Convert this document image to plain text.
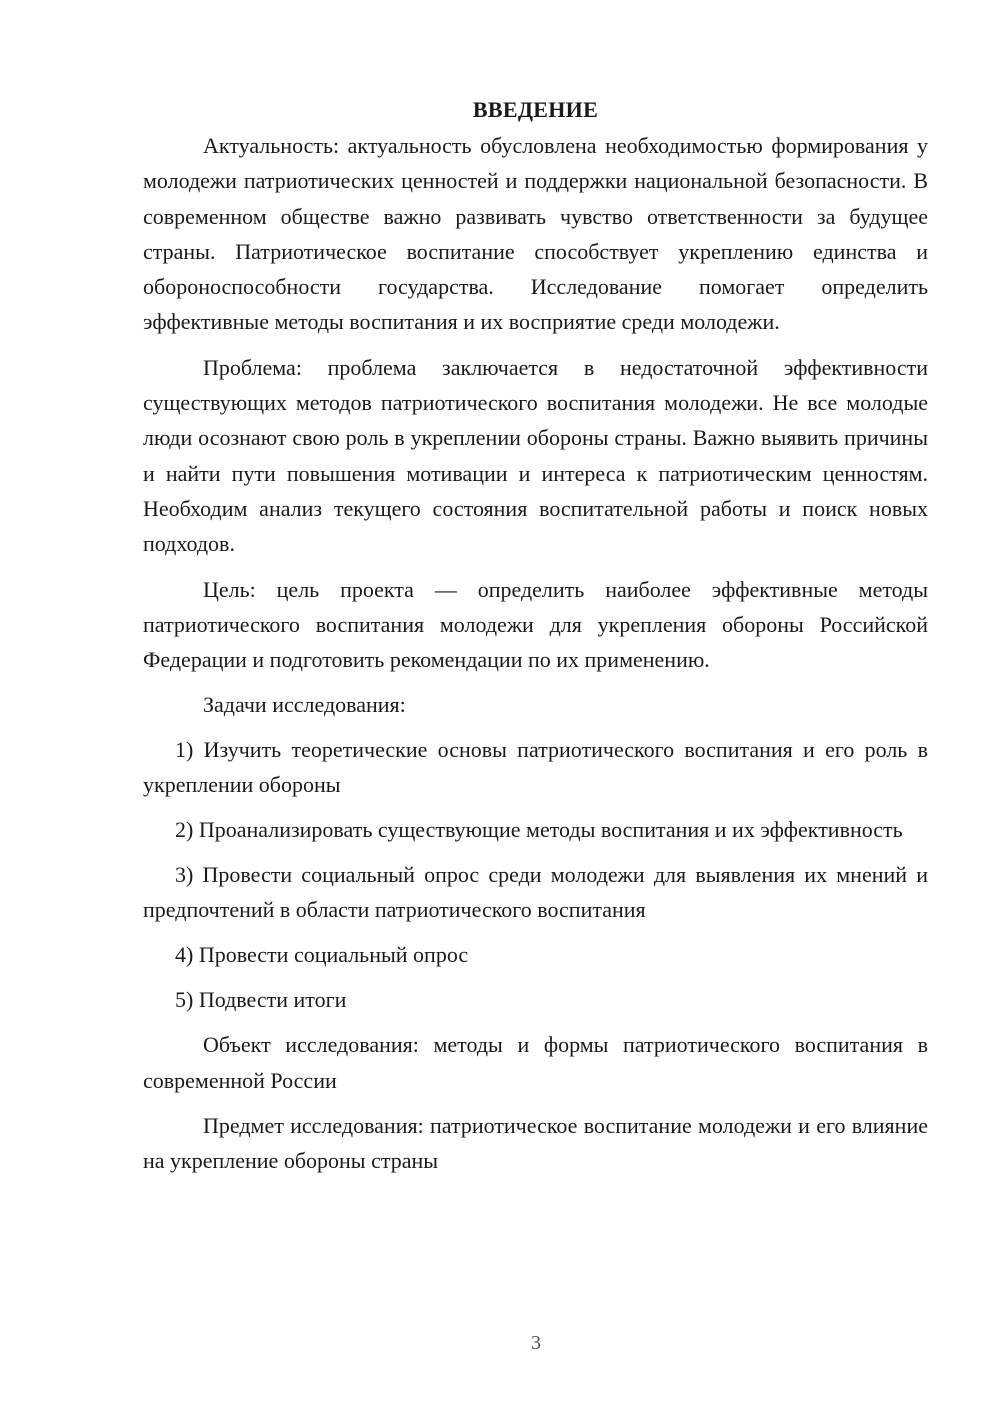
ВВЕДЕНИЕ

Актуальность: актуальность обусловлена необходимостью формирования у молодежи патриотических ценностей и поддержки национальной безопасности. В современном обществе важно развивать чувство ответственности за будущее страны. Патриотическое воспитание способствует укреплению единства и обороноспособности государства. Исследование помогает определить эффективные методы воспитания и их восприятие среди молодежи.

Проблема: проблема заключается в недостаточной эффективности существующих методов патриотического воспитания молодежи. Не все молодые люди осознают свою роль в укреплении обороны страны. Важно выявить причины и найти пути повышения мотивации и интереса к патриотическим ценностям. Необходим анализ текущего состояния воспитательной работы и поиск новых подходов.

Цель: цель проекта — определить наиболее эффективные методы патриотического воспитания молодежи для укрепления обороны Российской Федерации и подготовить рекомендации по их применению.

Задачи исследования:

1) Изучить теоретические основы патриотического воспитания и его роль в укреплении обороны

2) Проанализировать существующие методы воспитания и их эффективность

3) Провести социальный опрос среди молодежи для выявления их мнений и предпочтений в области патриотического воспитания

4) Провести социальный опрос

5) Подвести итоги

Объект исследования: методы и формы патриотического воспитания в современной России

Предмет исследования: патриотическое воспитание молодежи и его влияние на укрепление обороны страны

3
